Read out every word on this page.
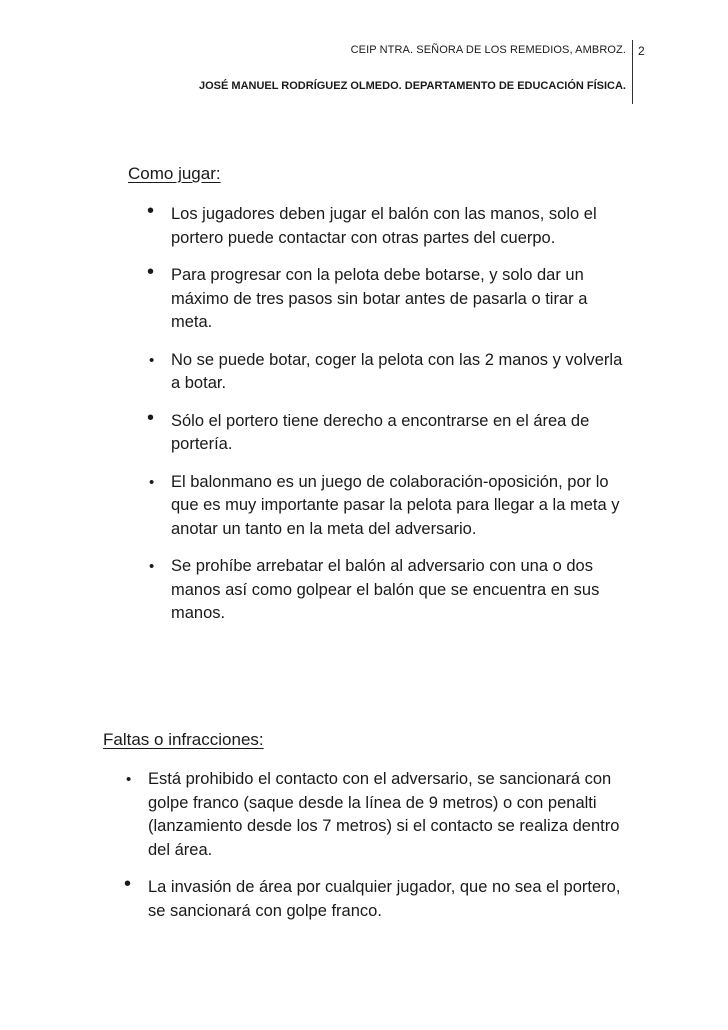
CEIP NTRA. SEÑORA DE LOS REMEDIOS, AMBROZ. 2
JOSÉ MANUEL RODRÍGUEZ OLMEDO. DEPARTAMENTO DE EDUCACIÓN FÍSICA.
Como jugar:
• Los jugadores deben jugar el balón con las manos, solo el portero puede contactar con otras partes del cuerpo.
• Para progresar con la pelota debe botarse, y solo dar un máximo de tres pasos sin botar antes de pasarla o tirar a meta.
• No se puede botar, coger la pelota con las 2 manos y volverla a botar.
• Sólo el portero tiene derecho a encontrarse en el área de portería.
• El balonmano es un juego de colaboración-oposición, por lo que es muy importante pasar la pelota para llegar a la meta y anotar un tanto en la meta del adversario.
• Se prohíbe arrebatar el balón al adversario con una o dos manos así como golpear el balón que se encuentra en sus manos.
Faltas o infracciones:
• Está prohibido el contacto con el adversario, se sancionará con golpe franco (saque desde la línea de 9 metros) o con penalti (lanzamiento desde los 7 metros) si el contacto se realiza dentro del área.
• La invasión de área por cualquier jugador, que no sea el portero, se sancionará con golpe franco.
